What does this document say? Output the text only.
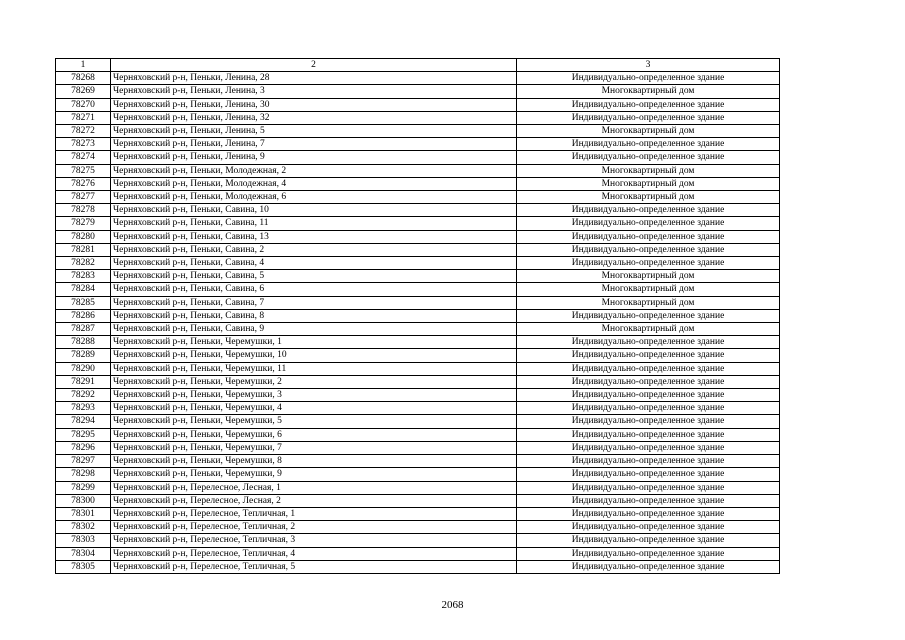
1	2	3
78268	Черняховский р-н, Пеньки, Ленина, 28	Индивидуально-определенное здание
78269	Черняховский р-н, Пеньки, Ленина, 3	Многоквартирный дом
78270	Черняховский р-н, Пеньки, Ленина, 30	Индивидуально-определенное здание
78271	Черняховский р-н, Пеньки, Ленина, 32	Индивидуально-определенное здание
78272	Черняховский р-н, Пеньки, Ленина, 5	Многоквартирный дом
78273	Черняховский р-н, Пеньки, Ленина, 7	Индивидуально-определенное здание
78274	Черняховский р-н, Пеньки, Ленина, 9	Индивидуально-определенное здание
78275	Черняховский р-н, Пеньки, Молодежная, 2	Многоквартирный дом
78276	Черняховский р-н, Пеньки, Молодежная, 4	Многоквартирный дом
78277	Черняховский р-н, Пеньки, Молодежная, 6	Многоквартирный дом
78278	Черняховский р-н, Пеньки, Савина, 10	Индивидуально-определенное здание
78279	Черняховский р-н, Пеньки, Савина, 11	Индивидуально-определенное здание
78280	Черняховский р-н, Пеньки, Савина, 13	Индивидуально-определенное здание
78281	Черняховский р-н, Пеньки, Савина, 2	Индивидуально-определенное здание
78282	Черняховский р-н, Пеньки, Савина, 4	Индивидуально-определенное здание
78283	Черняховский р-н, Пеньки, Савина, 5	Многоквартирный дом
78284	Черняховский р-н, Пеньки, Савина, 6	Многоквартирный дом
78285	Черняховский р-н, Пеньки, Савина, 7	Многоквартирный дом
78286	Черняховский р-н, Пеньки, Савина, 8	Индивидуально-определенное здание
78287	Черняховский р-н, Пеньки, Савина, 9	Многоквартирный дом
78288	Черняховский р-н, Пеньки, Черемушки, 1	Индивидуально-определенное здание
78289	Черняховский р-н, Пеньки, Черемушки, 10	Индивидуально-определенное здание
78290	Черняховский р-н, Пеньки, Черемушки, 11	Индивидуально-определенное здание
78291	Черняховский р-н, Пеньки, Черемушки, 2	Индивидуально-определенное здание
78292	Черняховский р-н, Пеньки, Черемушки, 3	Индивидуально-определенное здание
78293	Черняховский р-н, Пеньки, Черемушки, 4	Индивидуально-определенное здание
78294	Черняховский р-н, Пеньки, Черемушки, 5	Индивидуально-определенное здание
78295	Черняховский р-н, Пеньки, Черемушки, 6	Индивидуально-определенное здание
78296	Черняховский р-н, Пеньки, Черемушки, 7	Индивидуально-определенное здание
78297	Черняховский р-н, Пеньки, Черемушки, 8	Индивидуально-определенное здание
78298	Черняховский р-н, Пеньки, Черемушки, 9	Индивидуально-определенное здание
78299	Черняховский р-н, Перелесное, Лесная, 1	Индивидуально-определенное здание
78300	Черняховский р-н, Перелесное, Лесная, 2	Индивидуально-определенное здание
78301	Черняховский р-н, Перелесное, Тепличная, 1	Индивидуально-определенное здание
78302	Черняховский р-н, Перелесное, Тепличная, 2	Индивидуально-определенное здание
78303	Черняховский р-н, Перелесное, Тепличная, 3	Индивидуально-определенное здание
78304	Черняховский р-н, Перелесное, Тепличная, 4	Индивидуально-определенное здание
78305	Черняховский р-н, Перелесное, Тепличная, 5	Индивидуально-определенное здание
2068
